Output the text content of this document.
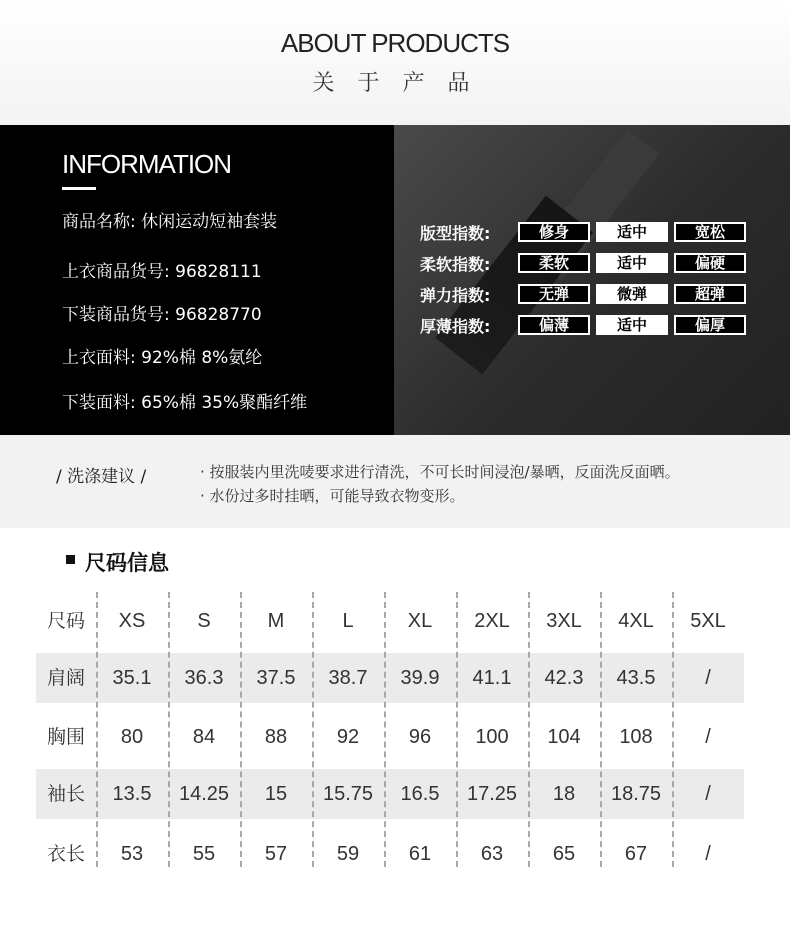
ABOUT PRODUCTS
关 于 产 品
INFORMATION
商品名称: 休闲运动短袖套装
上衣商品货号: 96828111
下装商品货号: 96828770
上衣面料: 92%棉 8%氨纶
下装面料: 65%棉 35%聚酯纤维
版型指数:	修身	适中	宽松
柔软指数:	柔软	适中	偏硬
弹力指数:	无弹	微弹	超弹
厚薄指数:	偏薄	适中	偏厚
/ 洗涤建议 /	· 按服装内里洗唛要求进行清洗，不可长时间浸泡/暴晒，反面洗反面晒。
· 水份过多时挂晒，可能导致衣物变形。
尺码信息
尺码	XS	S	M	L	XL	2XL	3XL	4XL	5XL
肩阔	35.1	36.3	37.5	38.7	39.9	41.1	42.3	43.5	/
胸围	80	84	88	92	96	100	104	108	/
袖长	13.5	14.25	15	15.75	16.5	17.25	18	18.75	/
衣长	53	55	57	59	61	63	65	67	/
